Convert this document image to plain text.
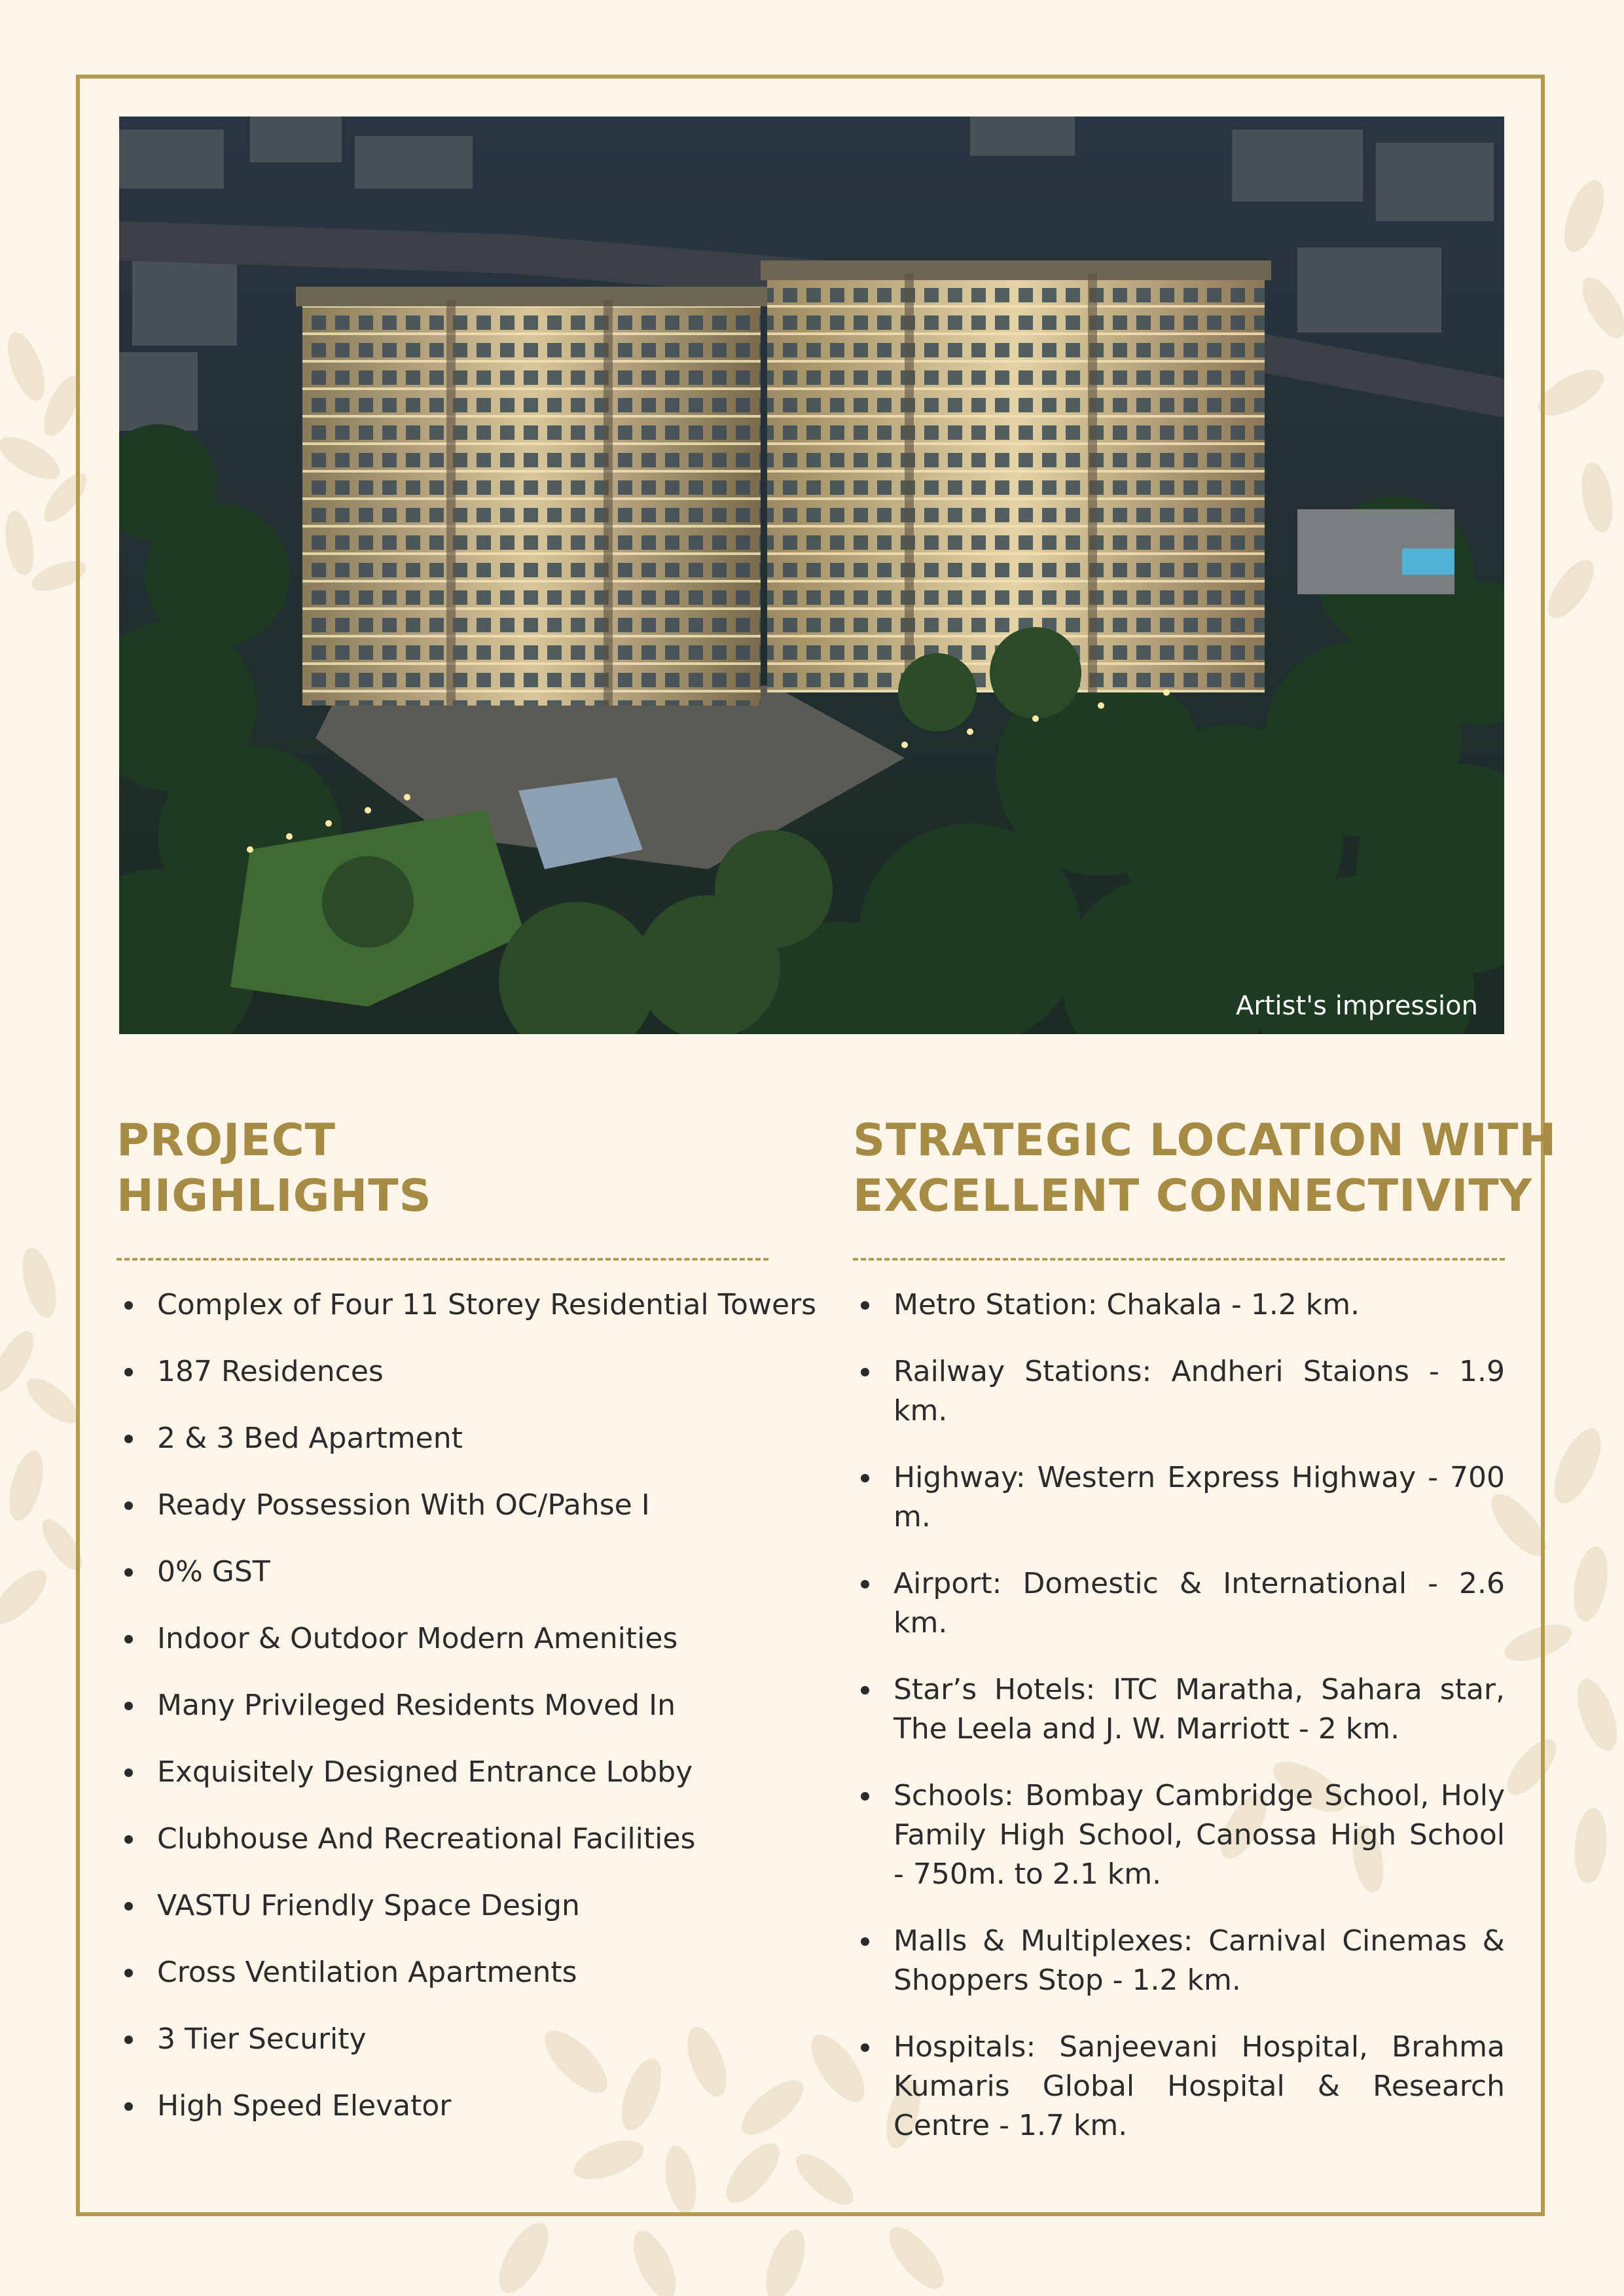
Artist's impression
PROJECT
HIGHLIGHTS
Complex of Four 11 Storey Residential Towers
187 Residences
2 & 3 Bed Apartment
Ready Possession With OC/Pahse I
0% GST
Indoor & Outdoor Modern Amenities
Many Privileged Residents Moved In
Exquisitely Designed Entrance Lobby
Clubhouse And Recreational Facilities
VASTU Friendly Space Design
Cross Ventilation Apartments
3 Tier Security
High Speed Elevator
STRATEGIC LOCATION WITH
EXCELLENT CONNECTIVITY
Metro Station: Chakala - 1.2 km.
Railway Stations: Andheri Staions - 1.9 km.
Highway: Western Express Highway - 700 m.
Airport: Domestic & International - 2.6 km.
Star’s Hotels: ITC Maratha, Sahara star, The Leela and J. W. Marriott - 2 km.
Schools: Bombay Cambridge School, Holy Family High School, Canossa High School - 750m. to 2.1 km.
Malls & Multiplexes: Carnival Cinemas & Shoppers Stop - 1.2 km.
Hospitals: Sanjeevani Hospital, Brahma Kumaris Global Hospital & Research Centre - 1.7 km.
